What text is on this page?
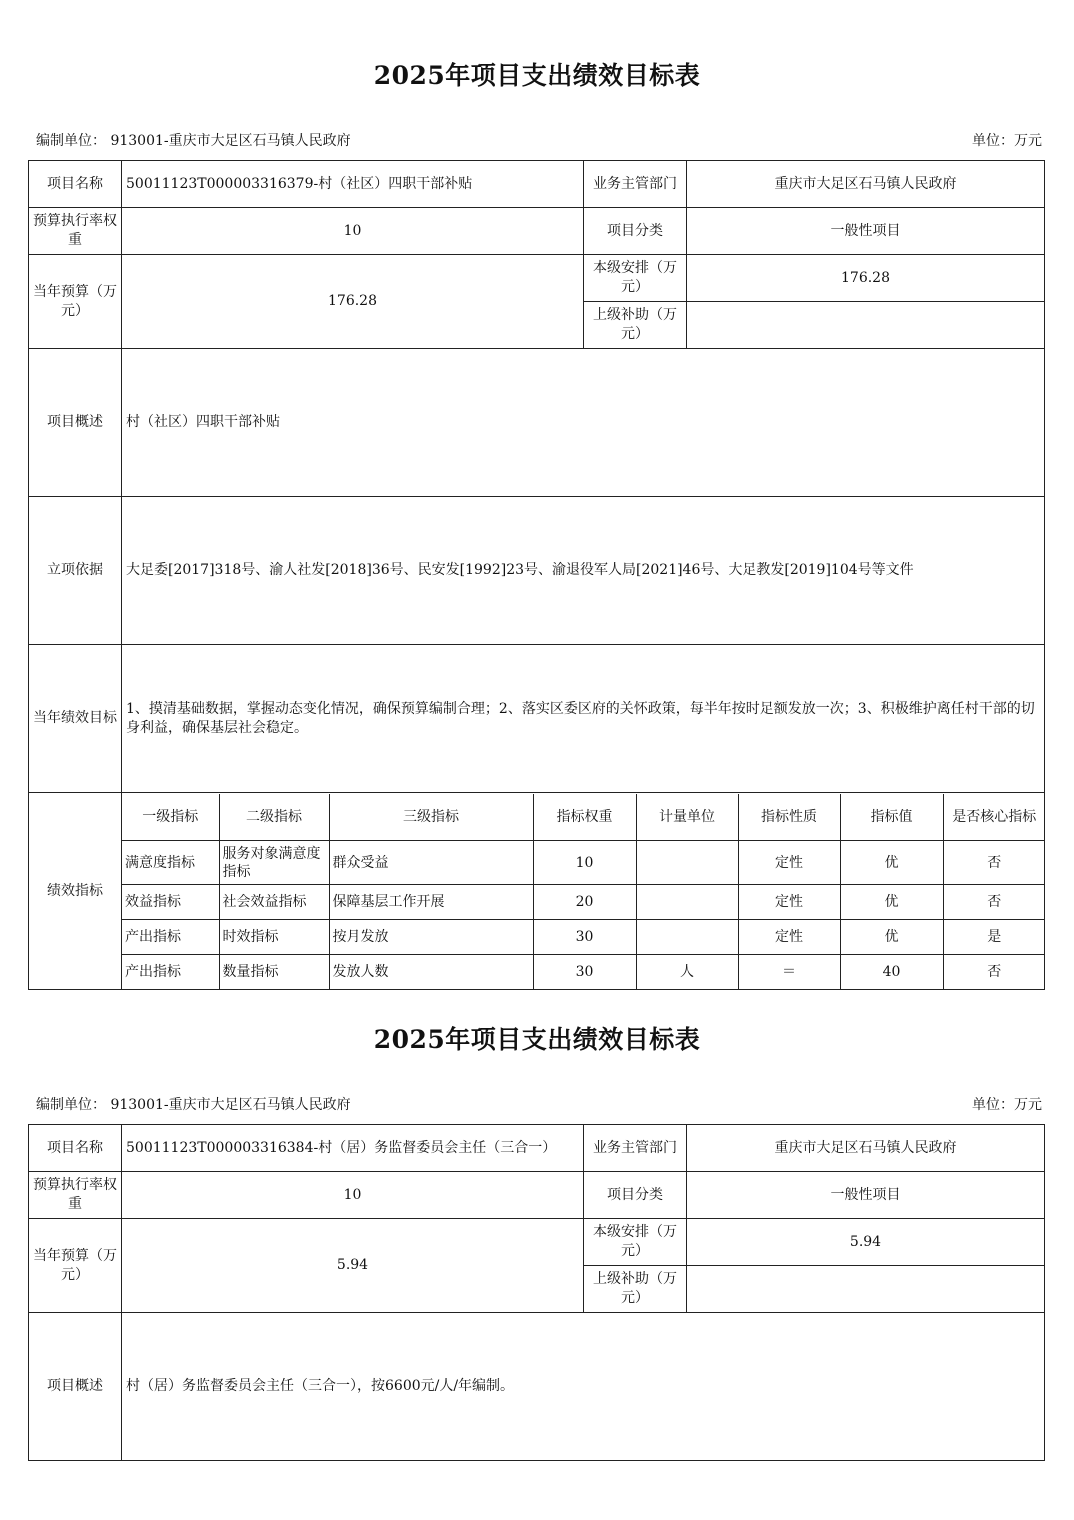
2025年项目支出绩效目标表
编制单位： 913001-重庆市大足区石马镇人民政府	单位：万元
项目名称	50011123T000003316379-村（社区）四职干部补贴	业务主管部门	重庆市大足区石马镇人民政府
预算执行率权重	10	项目分类	一般性项目
当年预算（万元）	176.28	本级安排（万元）	176.28
上级补助（万元）	
项目概述	村（社区）四职干部补贴
立项依据	大足委[2017]318号、渝人社发[2018]36号、民安发[1992]23号、渝退役军人局[2021]46号、大足教发[2019]104号等文件
当年绩效目标	1、摸清基础数据，掌握动态变化情况，确保预算编制合理；2、落实区委区府的关怀政策，每半年按时足额发放一次；3、积极维护离任村干部的切身利益，确保基层社会稳定。
绩效指标	
一级指标	二级指标	三级指标	指标权重	计量单位	指标性质	指标值	是否核心指标
满意度指标	服务对象满意度指标	群众受益	10		定性	优	否
效益指标	社会效益指标	保障基层工作开展	20		定性	优	否
产出指标	时效指标	按月发放	30		定性	优	是
产出指标	数量指标	发放人数	30	人	＝	40	否
2025年项目支出绩效目标表
编制单位： 913001-重庆市大足区石马镇人民政府	单位：万元
项目名称	50011123T000003316384-村（居）务监督委员会主任（三合一）	业务主管部门	重庆市大足区石马镇人民政府
预算执行率权重	10	项目分类	一般性项目
当年预算（万元）	5.94	本级安排（万元）	5.94
		上级补助（万元）	
项目概述	村（居）务监督委员会主任（三合一），按6600元/人/年编制。		
